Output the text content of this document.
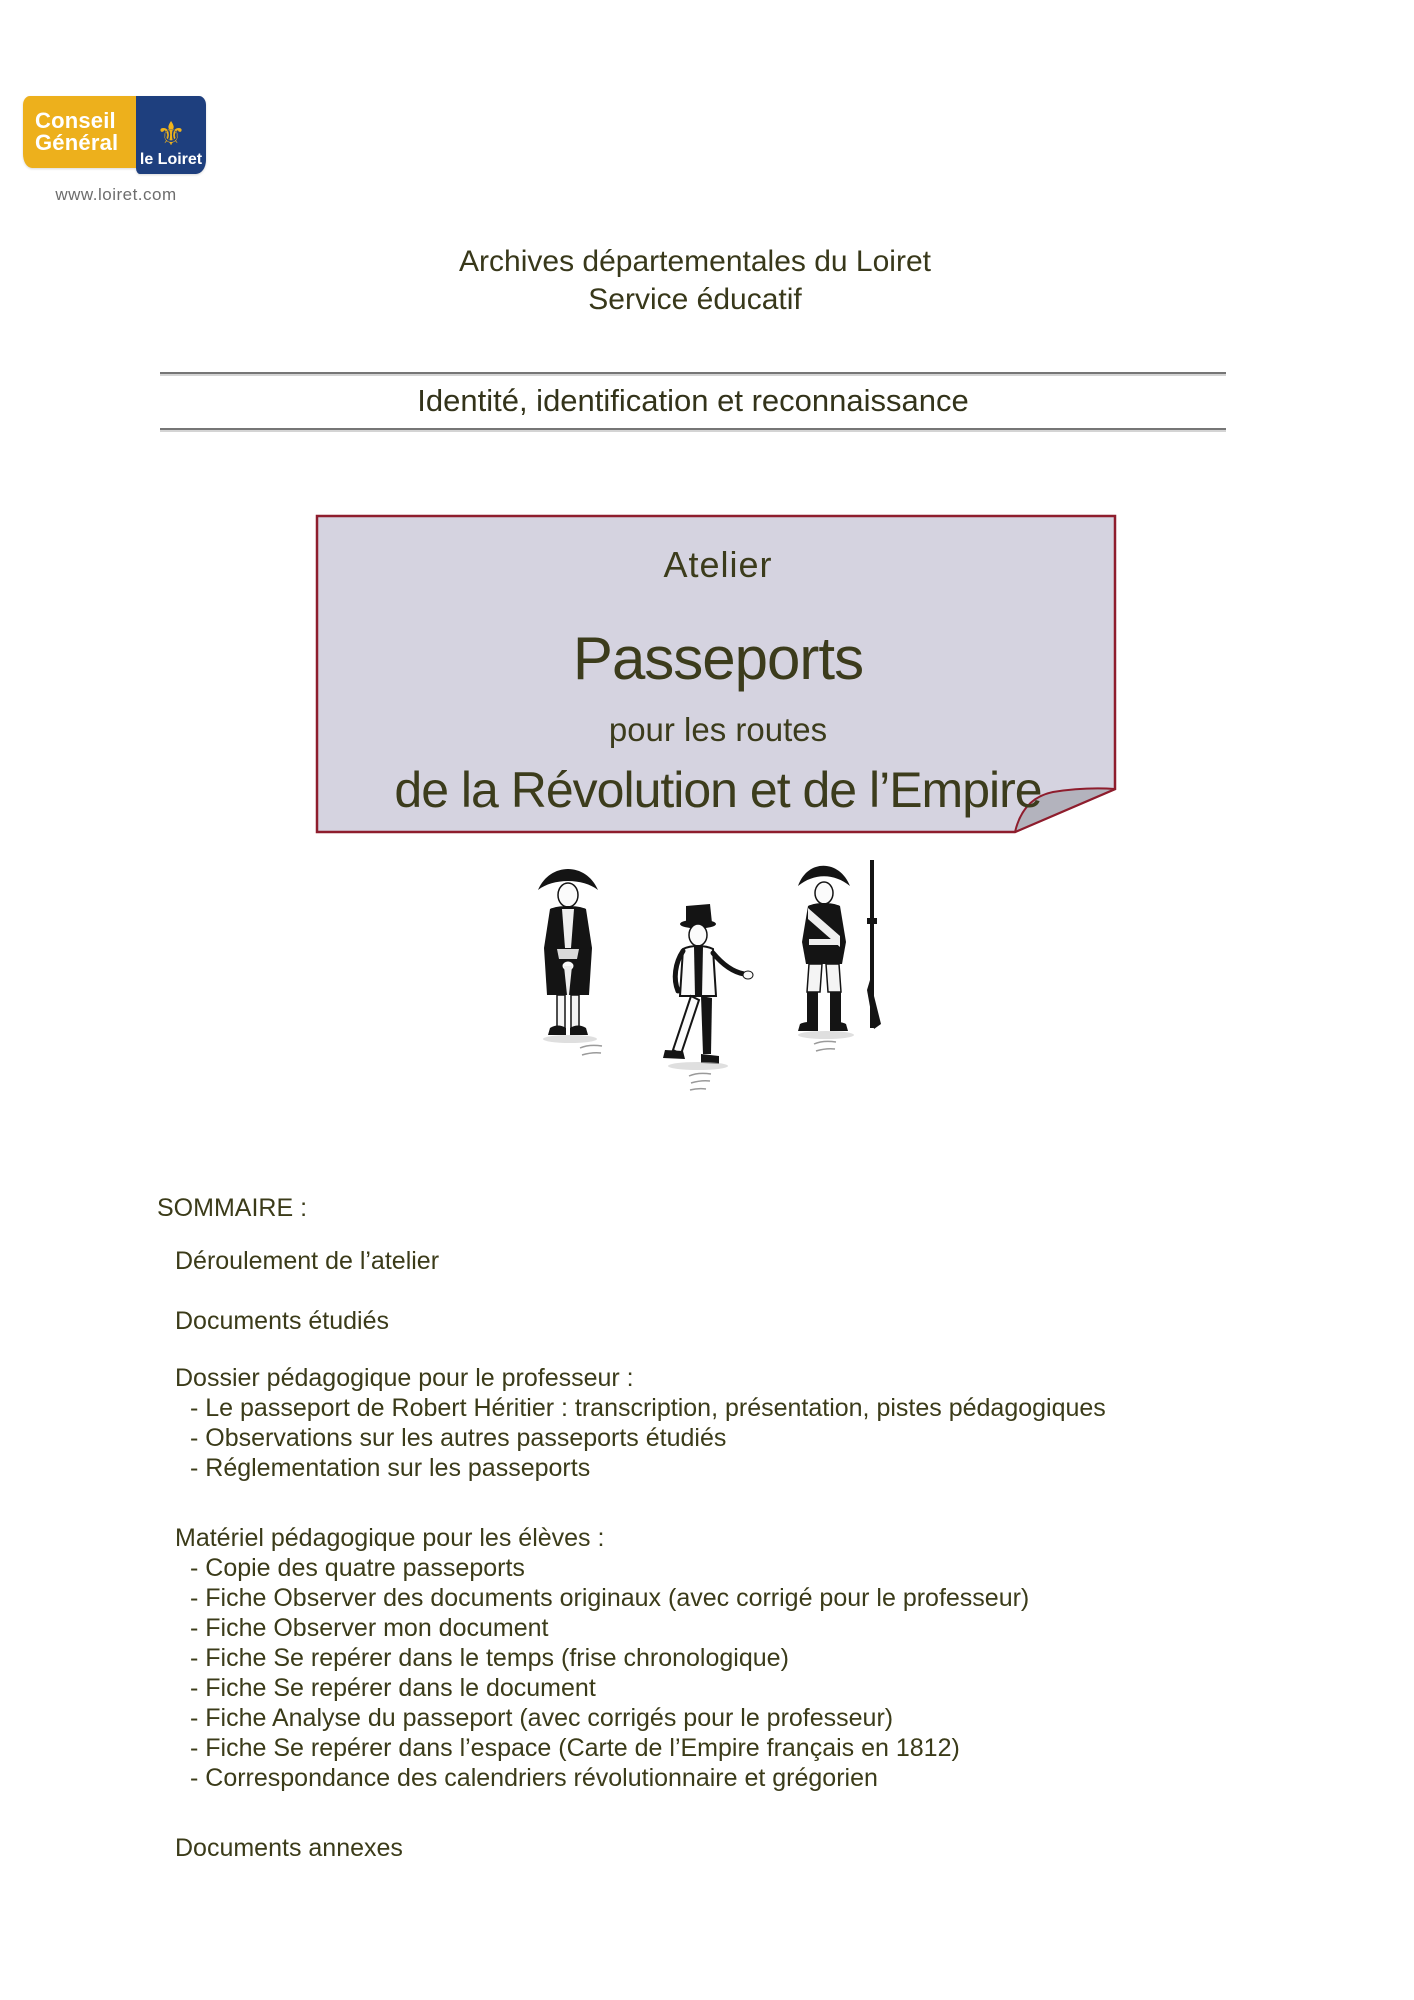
Conseil
Général	⚜
le Loiret
www.loiret.com
Archives départementales du Loiret
Service éducatif
Identité, identification et reconnaissance
Atelier
Passeports
pour les routes
de la Révolution et de l’Empire
SOMMAIRE :
Déroulement de l’atelier
Documents étudiés
Dossier pédagogique pour le professeur :
- Le passeport de Robert Héritier : transcription, présentation, pistes pédagogiques
- Observations sur les autres passeports étudiés
- Réglementation sur les passeports
Matériel pédagogique pour les élèves :
- Copie des quatre passeports
- Fiche Observer des documents originaux (avec corrigé pour le professeur)
- Fiche Observer mon document
- Fiche Se repérer dans le temps (frise chronologique)
- Fiche Se repérer dans le document
- Fiche Analyse du passeport (avec corrigés pour le professeur)
- Fiche Se repérer dans l’espace (Carte de l’Empire français en 1812)
- Correspondance des calendriers révolutionnaire et grégorien
Documents annexes
